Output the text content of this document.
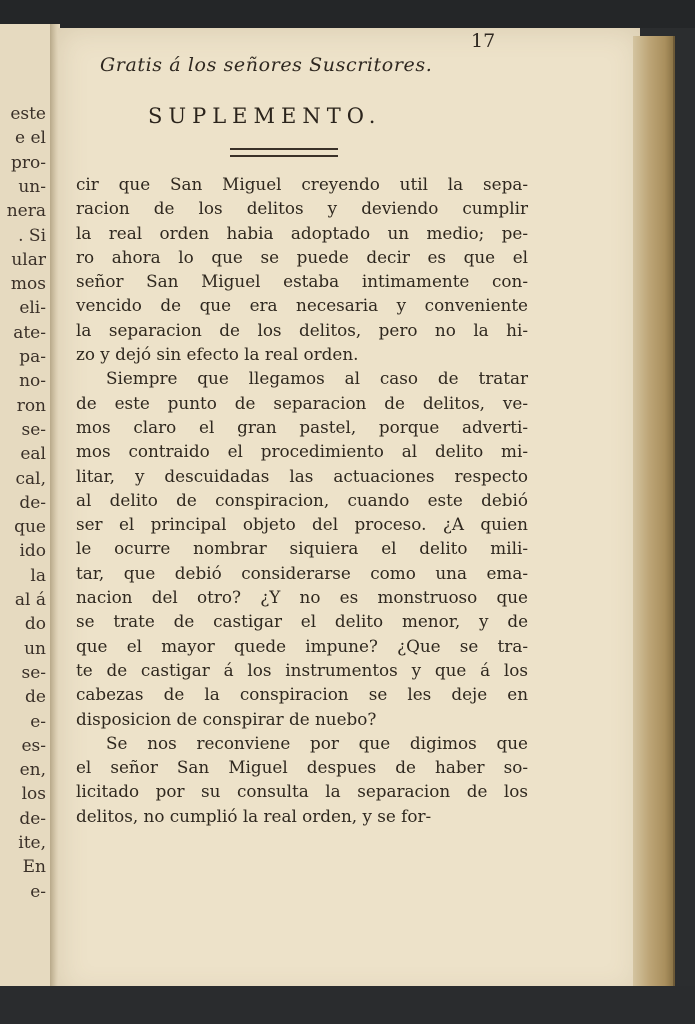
este
e el
pro-
un-
nera
. Si
ular
mos
eli-
ate-
pa-
no-
ron
se-
eal
cal,
de-
que
ido
la
al á
do
un
se-
de
e-
es-
en,
los
de-
ite,
En
e-
17
Gratis á los señores Suscritores.
SUPLEMENTO.
cir que San Miguel creyendo util la sepa-
racion de los delitos y deviendo cumplir
la real orden habia adoptado un medio; pe-
ro ahora lo que se puede decir es que el
señor San Miguel estaba intimamente con-
vencido de que era necesaria y conveniente
la separacion de los delitos, pero no la hi-
zo y dejó sin efecto la real orden.
Siempre que llegamos al caso de tratar
de este punto de separacion de delitos, ve-
mos claro el gran pastel, porque adverti-
mos contraido el procedimiento al delito mi-
litar, y descuidadas las actuaciones respecto
al delito de conspiracion, cuando este debió
ser el principal objeto del proceso. ¿A quien
le ocurre nombrar siquiera el delito mili-
tar, que debió considerarse como una ema-
nacion del otro? ¿Y no es monstruoso que
se trate de castigar el delito menor, y de
que el mayor quede impune? ¿Que se tra-
te de castigar á los instrumentos y que á los
cabezas de la conspiracion se les deje en
disposicion de conspirar de nuebo?
Se nos reconviene por que digimos que
el señor San Miguel despues de haber so-
licitado por su consulta la separacion de los
delitos, no cumplió la real orden, y se for-
